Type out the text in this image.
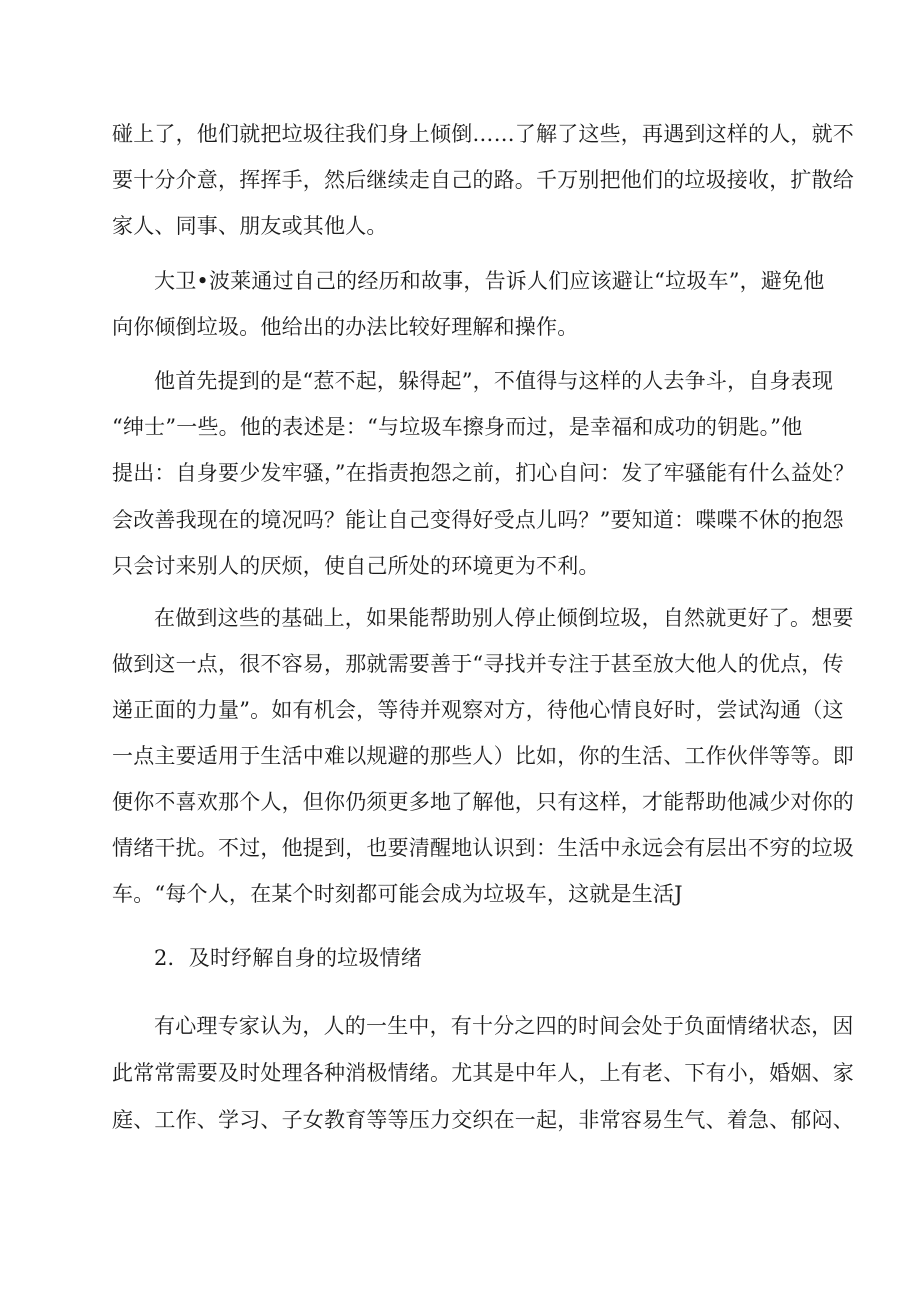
碰上了，他们就把垃圾往我们身上倾倒……了解了这些，再遇到这样的人，就不
要十分介意，挥挥手，然后继续走自己的路。千万别把他们的垃圾接收，扩散给
家人、同事、朋友或其他人。
大卫•波莱通过自己的经历和故事，告诉人们应该避让“垃圾车”，避免他
向你倾倒垃圾。他给出的办法比较好理解和操作。
他首先提到的是“惹不起，躲得起”，不值得与这样的人去争斗，自身表现
“绅士”一些。他的表述是：“与垃圾车擦身而过，是幸福和成功的钥匙。”他
提出：自身要少发牢骚，”在指责抱怨之前，扪心自问：发了牢骚能有什么益处？
会改善我现在的境况吗？能让自己变得好受点儿吗？”要知道：喋喋不休的抱怨
只会讨来别人的厌烦，使自己所处的环境更为不利。
在做到这些的基础上，如果能帮助别人停止倾倒垃圾，自然就更好了。想要
做到这一点，很不容易，那就需要善于“寻找并专注于甚至放大他人的优点，传
递正面的力量”。如有机会，等待并观察对方，待他心情良好时，尝试沟通（这
一点主要适用于生活中难以规避的那些人）比如，你的生活、工作伙伴等等。即
便你不喜欢那个人，但你仍须更多地了解他，只有这样，才能帮助他减少对你的
情绪干扰。不过，他提到，也要清醒地认识到：生活中永远会有层出不穷的垃圾
车。“每个人，在某个时刻都可能会成为垃圾车，这就是生活J
2．及时纾解自身的垃圾情绪
有心理专家认为，人的一生中，有十分之四的时间会处于负面情绪状态，因
此常常需要及时处理各种消极情绪。尤其是中年人，上有老、下有小，婚姻、家
庭、工作、学习、子女教育等等压力交织在一起，非常容易生气、着急、郁闷、
